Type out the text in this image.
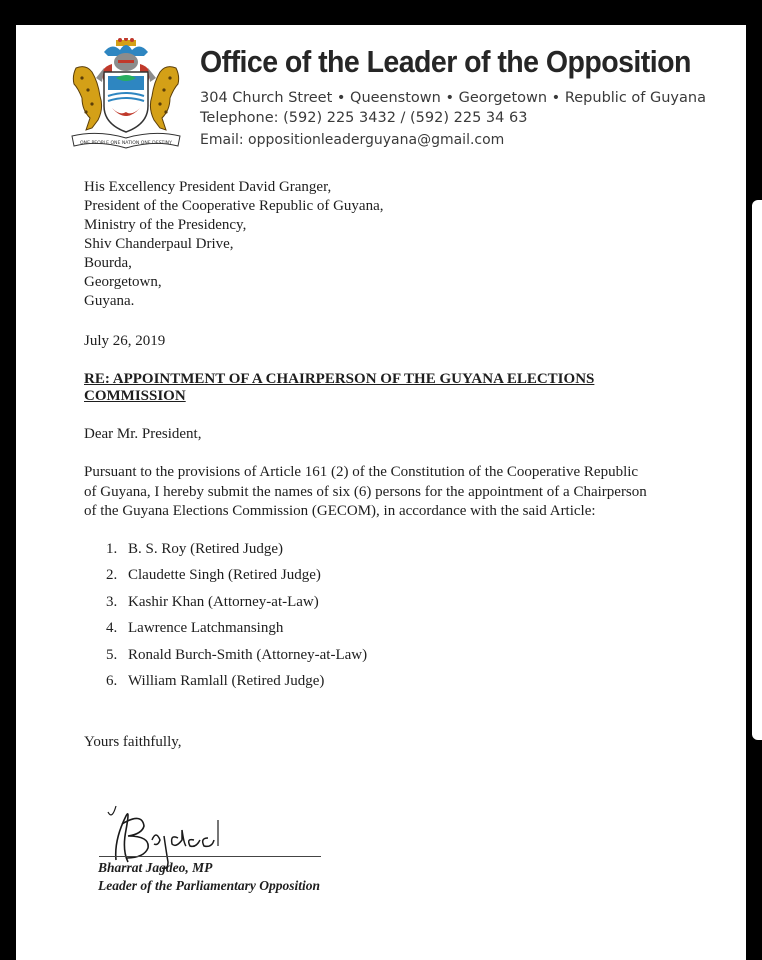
ONE PEOPLE ONE NATION ONE DESTINY
Office of the Leader of the Opposition
304 Church Street • Queenstown • Georgetown • Republic of Guyana
Telephone: (592) 225 3432 / (592) 225 34 63
Email: oppositionleaderguyana@gmail.com
His Excellency President David Granger,
President of the Cooperative Republic of Guyana,
Ministry of the Presidency,
Shiv Chanderpaul Drive,
Bourda,
Georgetown,
Guyana.
July 26, 2019
RE: APPOINTMENT OF A CHAIRPERSON OF THE GUYANA ELECTIONS COMMISSION
Dear Mr. President,
Pursuant to the provisions of Article 161 (2) of the Constitution of the Cooperative Republic of Guyana, I hereby submit the names of six (6) persons for the appointment of a Chairperson of the Guyana Elections Commission (GECOM), in accordance with the said Article:
1. B. S. Roy (Retired Judge)
2. Claudette Singh (Retired Judge)
3. Kashir Khan (Attorney-at-Law)
4. Lawrence Latchmansingh
5. Ronald Burch-Smith (Attorney-at-Law)
6. William Ramlall (Retired Judge)
Yours faithfully,
Bharrat Jagdeo, MP
Leader of the Parliamentary Opposition
